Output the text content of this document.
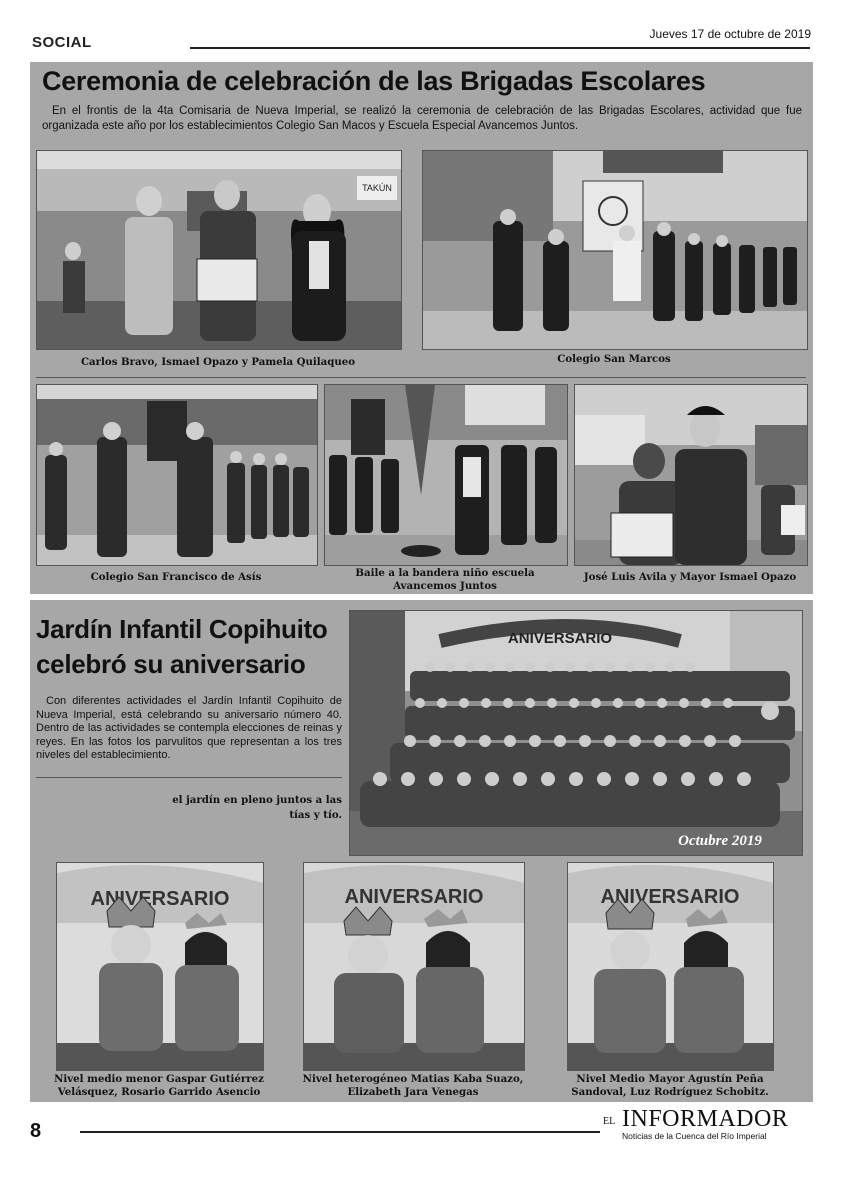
SOCIAL	Jueves 17 de octubre de 2019
Ceremonia de celebración de las Brigadas Escolares
En el frontis de la 4ta Comisaria de Nueva Imperial, se realizó la ceremonia de celebración de las Brigadas Escolares, actividad que fue organizada este año por los establecimientos Colegio San Macos y Escuela Especial Avancemos Juntos.
TAKÚN
Carlos Bravo, Ismael Opazo y Pamela Quilaqueo	Colegio San Marcos
Colegio San Francisco de Asís	Baile a la bandera niño escuela Avancemos Juntos
José Luis Avila y Mayor Ismael Opazo
Jardín Infantil Copihuito
celebró su aniversario
Con diferentes actividades el Jardín Infantil Copihuito de Nueva Imperial, está celebrando su aniversario número 40. Dentro de las actividades se contempla elecciones de reinas y reyes. En las fotos los parvulitos que representan a los tres niveles del establecimiento.
el jardín en pleno juntos a las tías y tío.
ANIVERSARIO
Octubre 2019
ANIVERSARIO	ANIVERSARIO	ANIVERSARIO
Nivel medio menor Gaspar Gutiérrez Velásquez, Rosario Garrido Asencio
Nivel heterogéneo Matias Kaba Suazo, Elizabeth Jara Venegas
Nivel Medio Mayor Agustín Peña Sandoval, Luz Rodríguez Schobitz.
8	EL INFORMADOR
Noticias de la Cuenca del Río Imperial
